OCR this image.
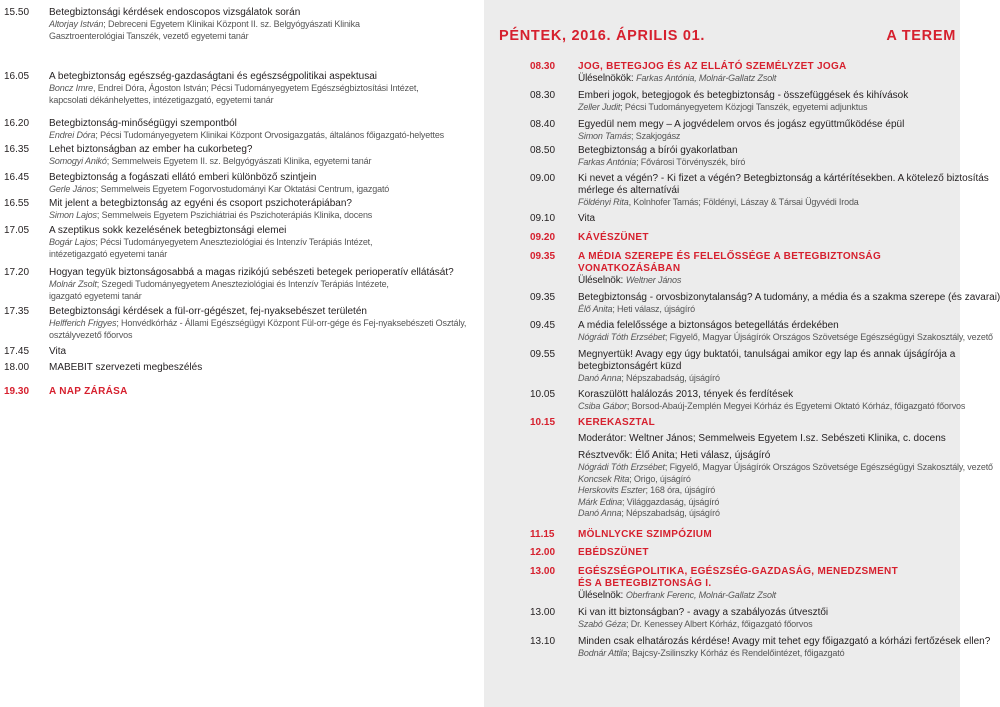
15.50 Betegbiztonsági kérdések endoscopos vizsgálatok során
Altorjay István; Debreceni Egyetem Klinikai Központ II. sz. Belgyógyászati Klinika
Gasztroenterológiai Tanszék, vezető egyetemi tanár
16.05 A betegbiztonság egészség-gazdaságtani és egészségpolitikai aspektusai
Boncz Imre, Endrei Dóra, Ágoston István; Pécsi Tudományegyetem Egészségbiztosítási Intézet,
kapcsolati dékánhelyettes, intézetigazgató, egyetemi tanár
16.20 Betegbiztonság-minőségügyi szempontból
Endrei Dóra; Pécsi Tudományegyetem Klinikai Központ Orvosigazgatás, általános főigazgató-helyettes
16.35 Lehet biztonságban az ember ha cukorbeteg?
Somogyi Anikó; Semmelweis Egyetem II. sz. Belgyógyászati Klinika, egyetemi tanár
16.45 Betegbiztonság a fogászati ellátó emberi különböző szintjein
Gerle János; Semmelweis Egyetem Fogorvostudományi Kar Oktatási Centrum, igazgató
16.55 Mit jelent a betegbiztonság az egyéni és csoport pszichoterápiában?
Simon Lajos; Semmelweis Egyetem Pszichiátriai és Pszichoterápiás Klinika, docens
17.05 A szeptikus sokk kezelésének betegbiztonsági elemei
Bogár Lajos; Pécsi Tudományegyetem Aneszteziológiai és Intenzív Terápiás Intézet,
intézetigazgató egyetemi tanár
17.20 Hogyan tegyük biztonságosabbá a magas rizikójú sebészeti betegek perioperatív ellátását?
Molnár Zsolt; Szegedi Tudományegyetem Aneszteziológiai és Intenzív Terápiás Intézete,
igazgató egyetemi tanár
17.35 Betegbiztonsági kérdések a fül-orr-gégészet, fej-nyaksebészet területén
Helfferich Frigyes; Honvédkórház - Állami Egészségügyi Központ Fül-orr-gége és Fej-nyaksebészeti Osztály,
osztályvezető főorvos
17.45 Vita
18.00 MABEBIT szervezeti megbeszélés
19.30 A NAP ZÁRÁSA
PÉNTEK, 2016. ÁPRILIS 01.	A TEREM
08.30 JOG, BETEGJOG ÉS AZ ELLÁTÓ SZEMÉLYZET JOGA
Üléselnökök: Farkas Antónia, Molnár-Gallatz Zsolt
08.30 Emberi jogok, betegjogok és betegbiztonság - összefüggések és kihívások
Zeller Judit; Pécsi Tudományegyetem Közjogi Tanszék, egyetemi adjunktus
08.40 Egyedül nem megy – A jogvédelem orvos és jogász együttműködése épül
Simon Tamás; Szakjogász
08.50 Betegbiztonság a bírói gyakorlatban
Farkas Antónia; Fővárosi Törvényszék, bíró
09.00 Ki nevet a végén? - Ki fizet a végén? Betegbiztonság a kártérítésekben. A kötelező biztosítás
mérlege és alternatívái
Földényi Rita, Kolnhofer Tamás; Földényi, Lászay & Társai Ügyvédi Iroda
09.10 Vita
09.20 KÁVÉSZÜNET
09.35 A MÉDIA SZEREPE ÉS FELELŐSSÉGE A BETEGBIZTONSÁG
VONATKOZÁSÁBAN
Üléselnök: Weltner János
09.35 Betegbiztonság - orvosbizonytalanság? A tudomány, a média és a szakma szerepe (és zavarai)
Élő Anita; Heti válasz, újságíró
09.45 A média felelőssége a biztonságos betegellátás érdekében
Nógrádi Tóth Erzsébet; Figyelő, Magyar Újságírók Országos Szövetsége Egészségügyi Szakosztály, vezető
09.55 Megnyertük! Avagy egy úgy buktatói, tanulságai amikor egy lap és annak újságírója a
betegbiztonságért küzd
Danó Anna; Népszabadság, újságíró
10.05 Koraszülött halálozás 2013, tények és ferdítések
Csiba Gábor; Borsod-Abaúj-Zemplén Megyei Kórház és Egyetemi Oktató Kórház, főigazgató főorvos
10.15 KEREKASZTAL
Moderátor: Weltner János; Semmelweis Egyetem I.sz. Sebészeti Klinika, c. docens
Résztvevők: Élő Anita; Heti válasz, újságíró
Nógrádi Tóth Erzsébet; Figyelő, Magyar Újságírók Országos Szövetsége Egészségügyi Szakosztály, vezető
Koncsek Rita; Origo, újságíró
Herskovits Eszter; 168 óra, újságíró
Márk Edina; Világgazdaság, újságíró
Danó Anna; Népszabadság, újságíró
11.15 MÖLNLYCKE SZIMPÓZIUM
12.00 EBÉDSZÜNET
13.00 EGÉSZSÉGPOLITIKA, EGÉSZSÉG-GAZDASÁG, MENEDZSMENT
ÉS A BETEGBIZTONSÁG I.
Üléselnök: Oberfrank Ferenc, Molnár-Gallatz Zsolt
13.00 Ki van itt biztonságban? - avagy a szabályozás útvesztői
Szabó Géza; Dr. Kenessey Albert Kórház, főigazgató főorvos
13.10 Minden csak elhatározás kérdése! Avagy mit tehet egy főigazgató a kórházi fertőzések ellen?
Bodnár Attila; Bajcsy-Zsilinszky Kórház és Rendelőintézet, főigazgató
